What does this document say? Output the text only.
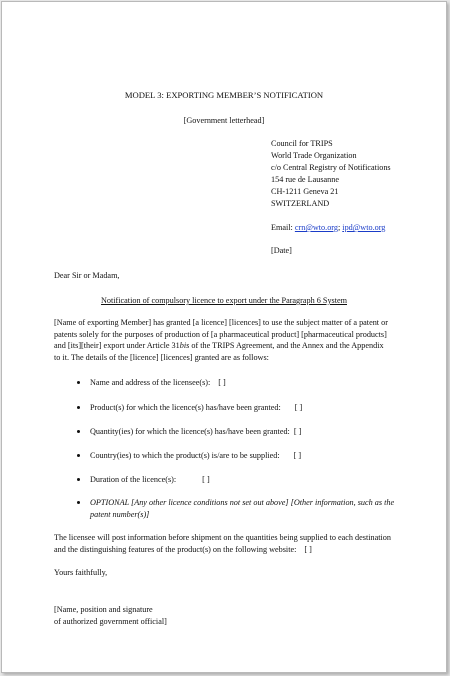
MODEL 3: EXPORTING MEMBER’S NOTIFICATION
[Government letterhead]
Council for TRIPS
World Trade Organization
c/o Central Registry of Notifications
154 rue de Lausanne
CH-1211 Geneva 21
SWITZERLAND
Email: crn@wto.org; ipd@wto.org
[Date]
Dear Sir or Madam,
Notification of compulsory licence to export under the Paragraph 6 System
[Name of exporting Member] has granted [a licence] [licences] to use the subject matter of a patent or
patents solely for the purposes of production of [a pharmaceutical product] [pharmaceutical products]
and [its][their] export under Article 31bis of the TRIPS Agreement, and the Annex and the Appendix
to it. The details of the [licence] [licences] granted are as follows:
Name and address of the licensee(s): [ ]
Product(s) for which the licence(s) has/have been granted: [ ]
Quantity(ies) for which the licence(s) has/have been granted: [ ]
Country(ies) to which the product(s) is/are to be supplied: [ ]
Duration of the licence(s):	[ ]
OPTIONAL [Any other licence conditions not set out above] [Other information, such as the
patent number(s)]
The licensee will post information before shipment on the quantities being supplied to each destination
and the distinguishing features of the product(s) on the following website: [ ]
Yours faithfully,
[Name, position and signature
of authorized government official]
